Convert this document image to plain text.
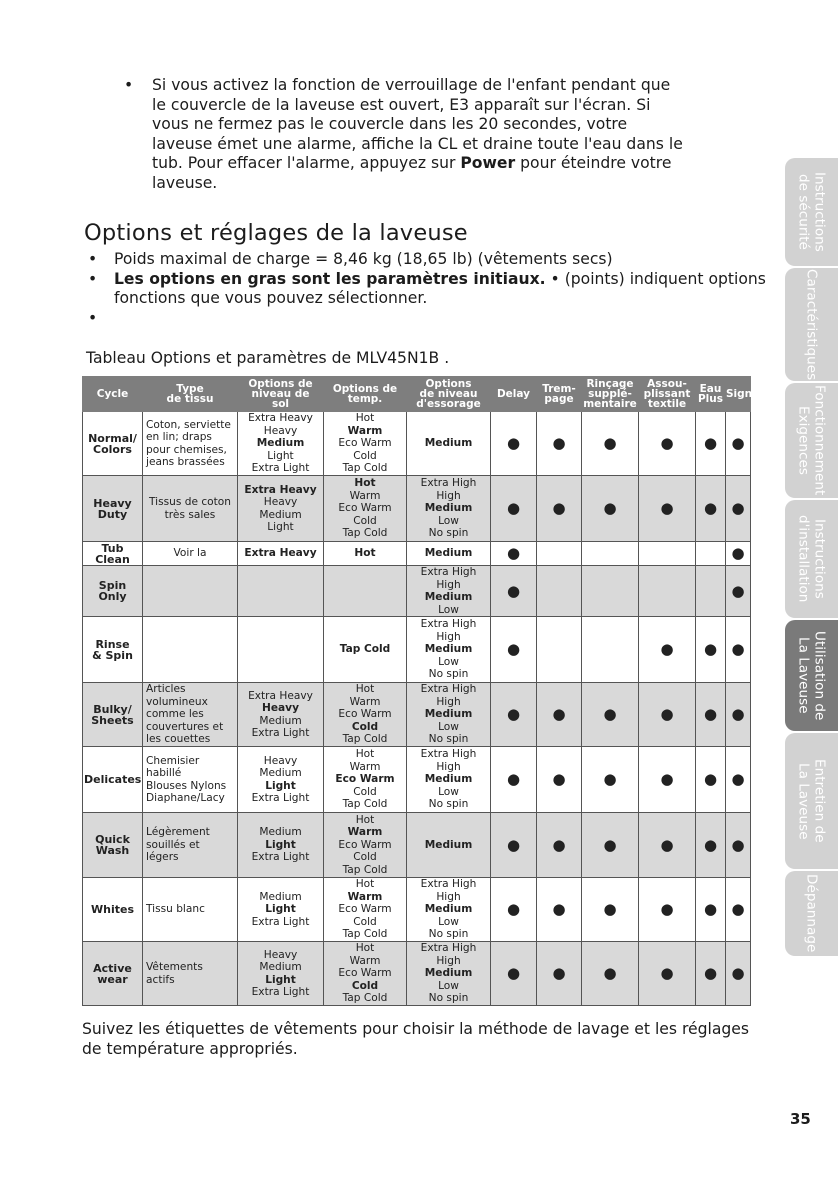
• Si vous activez la fonction de verrouillage de l'enfant pendant que le couvercle de la laveuse est ouvert, E3 apparaît sur l'écran. Si vous ne fermez pas le couvercle dans les 20 secondes, votre laveuse émet une alarme, affiche la CL et draine toute l'eau dans le tub. Pour effacer l'alarme, appuyez sur Power pour éteindre votre laveuse.
Options et réglages de la laveuse
• Poids maximal de charge = 8,46 kg (18,65 lb) (vêtements secs)
• Les options en gras sont les paramètres initiaux. • (points) indiquent options fonctions que vous pouvez sélectionner.
•
Tableau Options et paramètres de MLV45N1B .
Cycle	Type
de tissu	Options de
niveau de
sol	Options de
temp.	Options
de niveau
d'essorage	Delay	Trem-
page	Rinçage
supplé-
mentaire	Assou-
plissant
textile	Eau
Plus	Signal

Normal/
Colors	Coton, serviette
en lin; draps
pour chemises,
jeans brassées	Extra Heavy
Heavy
Medium
Light
Extra Light	Hot
Warm
Eco Warm
Cold
Tap Cold	Medium	●	●	●	●	●	●

Heavy
Duty	Tissus de coton
très sales	Extra Heavy
Heavy
Medium
Light	Hot
Warm
Eco Warm
Cold
Tap Cold	Extra High
High
Medium
Low
No spin	●	●	●	●	●	●

Tub
Clean	Voir la	Extra Heavy	Hot	Medium	●					●

Spin
Only				Extra High
High
Medium
Low	●					●

Rinse
& Spin			Tap Cold	Extra High
High
Medium
Low
No spin	●			●	●	●

Bulky/
Sheets	Articles
volumineux
comme les
couvertures et
les couettes	Extra Heavy
Heavy
Medium
Extra Light	Hot
Warm
Eco Warm
Cold
Tap Cold	Extra High
High
Medium
Low
No spin	●	●	●	●	●	●

Delicates	Chemisier
habillé
Blouses Nylons
Diaphane/Lacy	Heavy
Medium
Light
Extra Light	Hot
Warm
Eco Warm
Cold
Tap Cold	Extra High
High
Medium
Low
No spin	●	●	●	●	●	●

Quick
Wash	Légèrement
souillés et
légers	Medium
Light
Extra Light	Hot
Warm
Eco Warm
Cold
Tap Cold	Medium	●	●	●	●	●	●

Whites	Tissu blanc	Medium
Light
Extra Light	Hot
Warm
Eco Warm
Cold
Tap Cold	Extra High
High
Medium
Low
No spin	●	●	●	●	●	●

Active
wear	Vêtements
actifs	Heavy
Medium
Light
Extra Light	Hot
Warm
Eco Warm
Cold
Tap Cold	Extra High
High
Medium
Low
No spin	●	●	●	●	●	●
Suivez les étiquettes de vêtements pour choisir la méthode de lavage et les réglages de température appropriés.
35
Instructions
de sécurité
Caractéristiques
Fonctionnement
Exigences
Instructions
d'installation
Utilisation de
La Laveuse
Entretien de
La Laveuse
Dépannage
